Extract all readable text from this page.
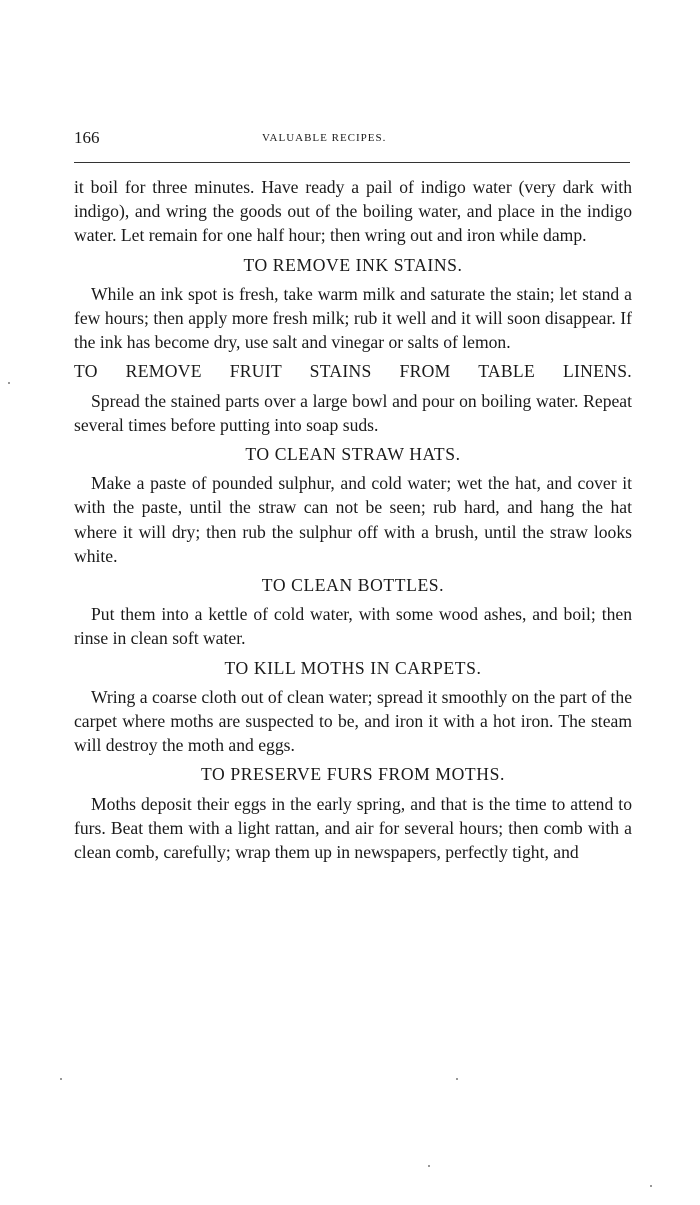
166	VALUABLE RECIPES.

it boil for three minutes. Have ready a pail of indigo water (very dark with indigo), and wring the goods out of the boiling water, and place in the indigo water. Let remain for one half hour; then wring out and iron while damp.

TO REMOVE INK STAINS.

While an ink spot is fresh, take warm milk and saturate the stain; let stand a few hours; then apply more fresh milk; rub it well and it will soon disappear. If the ink has become dry, use salt and vinegar or salts of lemon.

TO REMOVE FRUIT STAINS FROM TABLE LINENS.

Spread the stained parts over a large bowl and pour on boiling water. Repeat several times before putting into soap suds.

TO CLEAN STRAW HATS.

Make a paste of pounded sulphur, and cold water; wet the hat, and cover it with the paste, until the straw can not be seen; rub hard, and hang the hat where it will dry; then rub the sulphur off with a brush, until the straw looks white.

TO CLEAN BOTTLES.

Put them into a kettle of cold water, with some wood ashes, and boil; then rinse in clean soft water.

TO KILL MOTHS IN CARPETS.

Wring a coarse cloth out of clean water; spread it smoothly on the part of the carpet where moths are suspected to be, and iron it with a hot iron. The steam will destroy the moth and eggs.

TO PRESERVE FURS FROM MOTHS.

Moths deposit their eggs in the early spring, and that is the time to attend to furs. Beat them with a light rattan, and air for several hours; then comb with a clean comb, carefully; wrap them up in newspapers, perfectly tight, and
